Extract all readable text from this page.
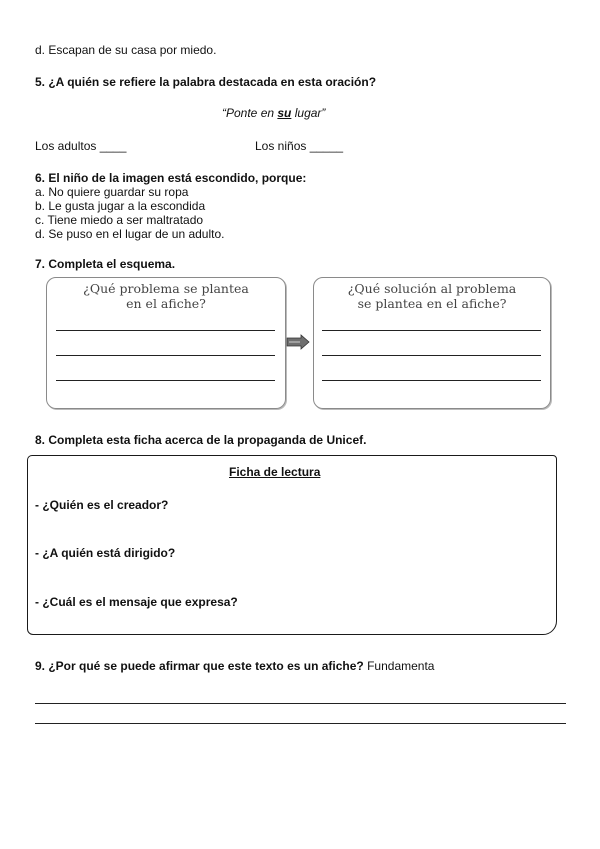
d. Escapan de su casa por miedo.
5. ¿A quién se refiere la palabra destacada en esta oración?
“Ponte en su lugar”
Los adultos ____	Los niños _____
6. El niño de la imagen está escondido, porque:
a. No quiere guardar su ropa
b. Le gusta jugar a la escondida
c. Tiene miedo a ser maltratado
d. Se puso en el lugar de un adulto.
7. Completa el esquema.
¿Qué problema se plantea
en el afiche?
¿Qué solución al problema
se plantea en el afiche?
8. Completa esta ficha acerca de la propaganda de Unicef.
Ficha de lectura
- ¿Quién es el creador?
- ¿A quién está dirigido?
- ¿Cuál es el mensaje que expresa?
9. ¿Por qué se puede afirmar que este texto es un afiche? Fundamenta
